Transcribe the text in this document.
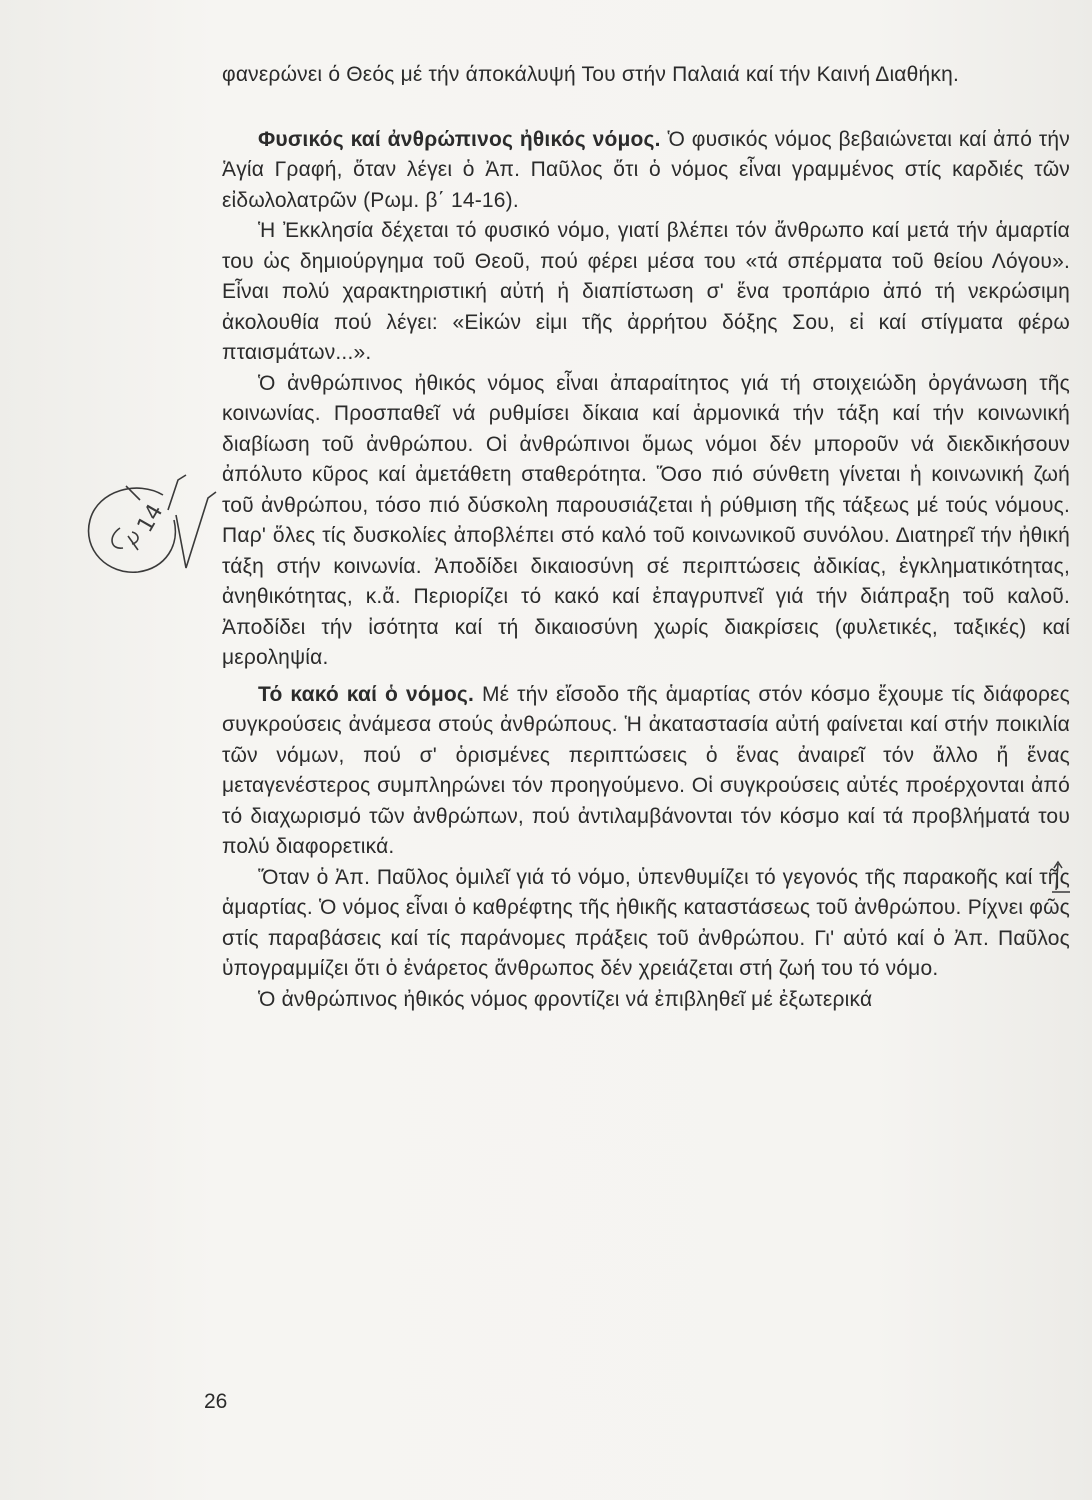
φανερώνει ό Θεός μέ τήν άποκάλυψή Του στήν Παλαιά καί τήν Καινή Διαθήκη.

Φυσικός καί ἀνθρώπινος ἠθικός νόμος. Ὁ φυσικός νόμος βεβαιώνεται καί ἀπό τήν Ἁγία Γραφή, ὅταν λέγει ὁ Ἀπ. Παῦλος ὅτι ὁ νόμος εἶναι γραμμένος στίς καρδιές τῶν εἰδωλολατρῶν (Ρωμ. β΄ 14-16).

Ἡ Ἐκκλησία δέχεται τό φυσικό νόμο, γιατί βλέπει τόν ἄνθρωπο καί μετά τήν ἁμαρτία του ὡς δημιούργημα τοῦ Θεοῦ, πού φέρει μέσα του «τά σπέρματα τοῦ θείου Λόγου». Εἶναι πολύ χαρακτηριστική αὐτή ἡ διαπίστωση σ' ἕνα τροπάριο ἀπό τή νεκρώσιμη ἀκολουθία πού λέγει: «Εἰκών εἰμι τῆς ἀρρήτου δόξης Σου, εἰ καί στίγματα φέρω πταισμάτων...».

Ὁ ἀνθρώπινος ἠθικός νόμος εἶναι ἀπαραίτητος γιά τή στοιχειώδη ὀργάνωση τῆς κοινωνίας. Προσπαθεῖ νά ρυθμίσει δίκαια καί ἁρμονικά τήν τάξη καί τήν κοινωνική διαβίωση τοῦ ἀνθρώπου. Οἱ ἀνθρώπινοι ὅμως νόμοι δέν μποροῦν νά διεκδικήσουν ἀπόλυτο κῦρος καί ἀμετάθετη σταθερότητα. Ὅσο πιό σύνθετη γίνεται ἡ κοινωνική ζωή τοῦ ἀνθρώπου, τόσο πιό δύσκολη παρουσιάζεται ἡ ρύθμιση τῆς τάξεως μέ τούς νόμους. Παρ' ὅλες τίς δυσκολίες ἀποβλέπει στό καλό τοῦ κοινωνικοῦ συνόλου. Διατηρεῖ τήν ἠθική τάξη στήν κοινωνία. Ἀποδίδει δικαιοσύνη σέ περιπτώσεις ἀδικίας, ἐγκληματικότητας, ἀνηθικότητας, κ.ἄ. Περιορίζει τό κακό καί ἐπαγρυπνεῖ γιά τήν διάπραξη τοῦ καλοῦ. Ἀποδίδει τήν ἰσότητα καί τή δικαιοσύνη χωρίς διακρίσεις (φυλετικές, ταξικές) καί μεροληψία.

Τό κακό καί ὁ νόμος. Μέ τήν εἴσοδο τῆς ἁμαρτίας στόν κόσμο ἔχουμε τίς διάφορες συγκρούσεις ἀνάμεσα στούς ἀνθρώπους. Ἡ ἀκαταστασία αὐτή φαίνεται καί στήν ποικιλία τῶν νόμων, πού σ' ὁρισμένες περιπτώσεις ὁ ἕνας ἀναιρεῖ τόν ἄλλο ἤ ἕνας μεταγενέστερος συμπληρώνει τόν προηγούμενο. Οἱ συγκρούσεις αὐτές προέρχονται ἀπό τό διαχωρισμό τῶν ἀνθρώπων, πού ἀντιλαμβάνονται τόν κόσμο καί τά προβλήματά του πολύ διαφορετικά.

Ὅταν ὁ Ἀπ. Παῦλος ὁμιλεῖ γιά τό νόμο, ὑπενθυμίζει τό γεγονός τῆς παρακοῆς καί τῆς ἁμαρτίας. Ὁ νόμος εἶναι ὁ καθρέφτης τῆς ἠθικῆς καταστάσεως τοῦ ἀνθρώπου. Ρίχνει φῶς στίς παραβάσεις καί τίς παράνομες πράξεις τοῦ ἀνθρώπου. Γι' αὐτό καί ὁ Ἀπ. Παῦλος ὑπογραμμίζει ὅτι ὁ ἐνάρετος ἄνθρωπος δέν χρειάζεται στή ζωή του τό νόμο.

Ὁ ἀνθρώπινος ἠθικός νόμος φροντίζει νά ἐπιβληθεῖ μέ ἐξωτερικά

26
14
